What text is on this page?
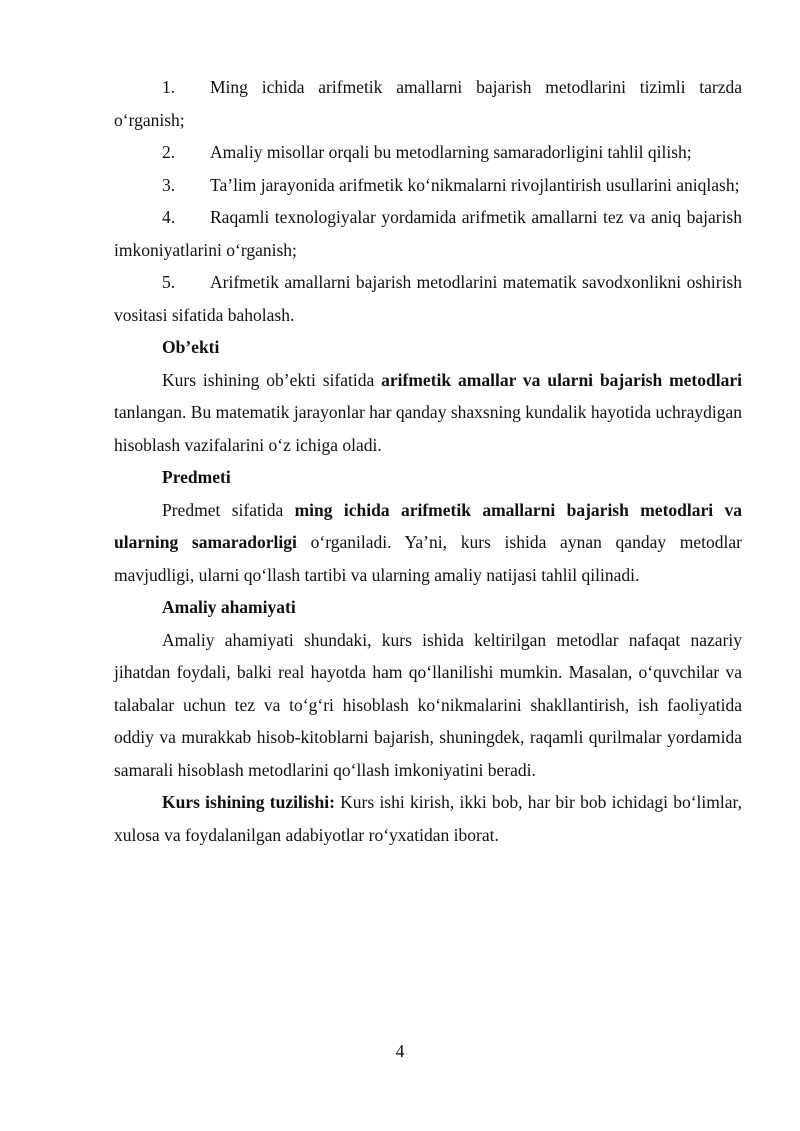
1. Ming ichida arifmetik amallarni bajarish metodlarini tizimli tarzda o‘rganish;

2. Amaliy misollar orqali bu metodlarning samaradorligini tahlil qilish;

3. Ta’lim jarayonida arifmetik ko‘nikmalarni rivojlantirish usullarini aniqlash;

4. Raqamli texnologiyalar yordamida arifmetik amallarni tez va aniq bajarish imkoniyatlarini o‘rganish;

5. Arifmetik amallarni bajarish metodlarini matematik savodxonlikni oshirish vositasi sifatida baholash.

Ob’ekti

Kurs ishining ob’ekti sifatida arifmetik amallar va ularni bajarish metodlari tanlangan. Bu matematik jarayonlar har qanday shaxsning kundalik hayotida uchraydigan hisoblash vazifalarini o‘z ichiga oladi.

Predmeti

Predmet sifatida ming ichida arifmetik amallarni bajarish metodlari va ularning samaradorligi o‘rganiladi. Ya’ni, kurs ishida aynan qanday metodlar mavjudligi, ularni qo‘llash tartibi va ularning amaliy natijasi tahlil qilinadi.

Amaliy ahamiyati

Amaliy ahamiyati shundaki, kurs ishida keltirilgan metodlar nafaqat nazariy jihatdan foydali, balki real hayotda ham qo‘llanilishi mumkin. Masalan, o‘quvchilar va talabalar uchun tez va to‘g‘ri hisoblash ko‘nikmalarini shakllantirish, ish faoliyatida oddiy va murakkab hisob-kitoblarni bajarish, shuningdek, raqamli qurilmalar yordamida samarali hisoblash metodlarini qo‘llash imkoniyatini beradi.

Kurs ishining tuzilishi: Kurs ishi kirish, ikki bob, har bir bob ichidagi bo‘limlar, xulosa va foydalanilgan adabiyotlar ro‘yxatidan iborat.

4
